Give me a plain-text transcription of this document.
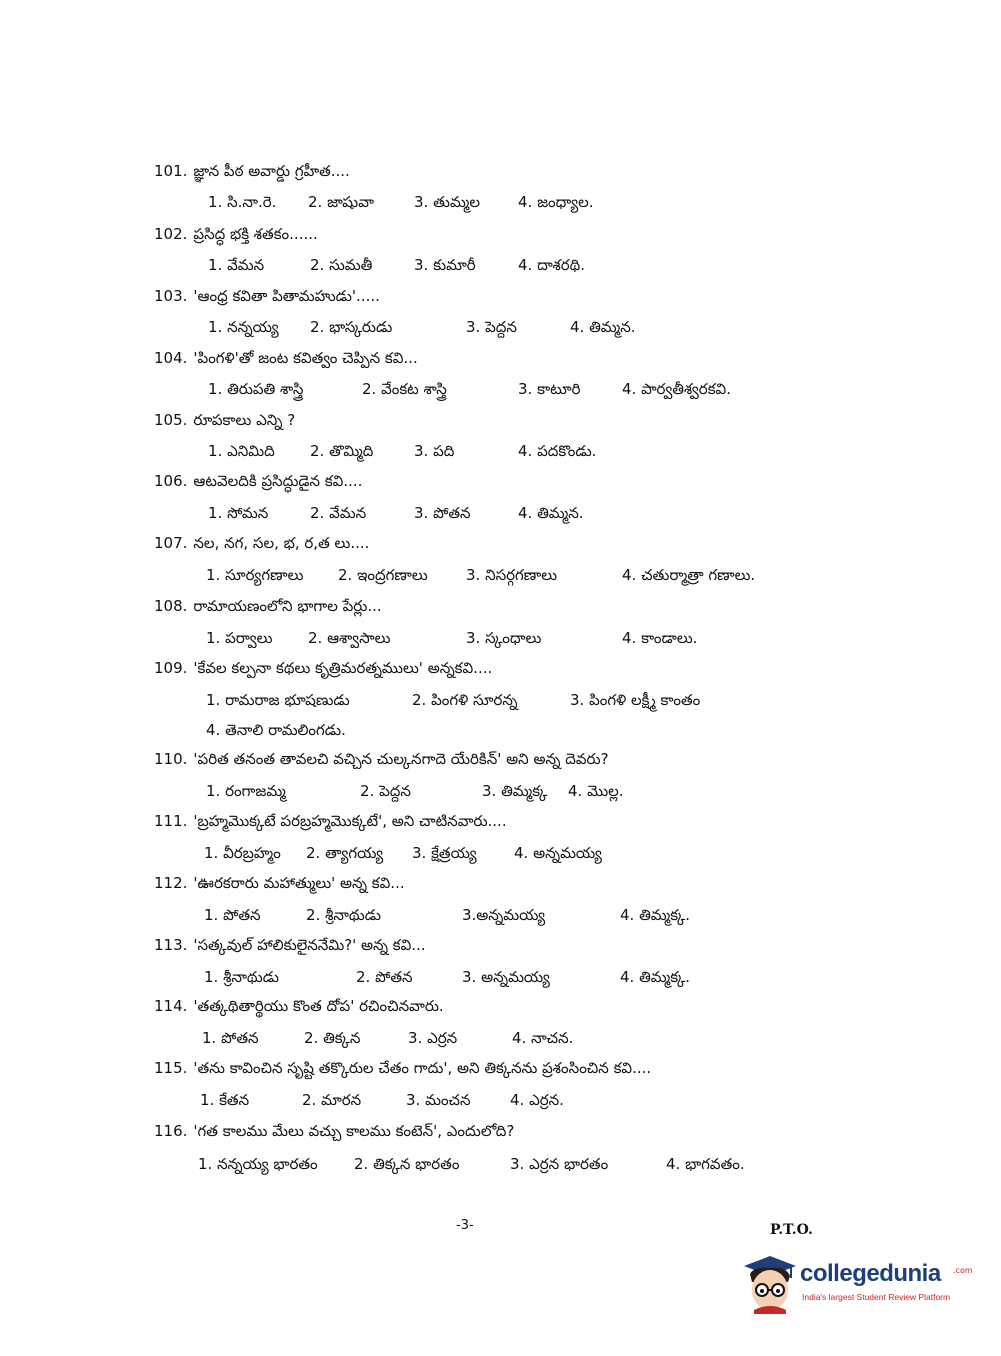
101. జ్ఞాన పీఠ అవార్డు గ్రహీత....
1. సి.నా.రె. 2. జాషువా	3. తుమ్మల	4. జంధ్యాల.
102. ప్రసిద్ధ భక్తి శతకం......
1. వేమన	2. సుమతీ	3. కుమారీ	4. దాశరథి.
103. 'ఆంధ్ర కవితా పితామహుడు'.....
1. నన్నయ్య 2. భాస్కరుడు	3. పెద్దన	4. తిమ్మన.
104. 'పింగళి'తో జంట కవిత్వం చెప్పిన కవి...
1. తిరుపతి శాస్త్రి	2. వేంకట శాస్త్రి	3. కాటూరి	4. పార్వతీశ్వరకవి.
105. రూపకాలు ఎన్ని ?
1. ఎనిమిది 2. తొమ్మిది	3. పది	4. పదకొండు.
106. ఆటవెలదికి ప్రసిద్ధుడైన కవి....
1. సోమన	2. వేమన	3. పోతన	4. తిమ్మన.
107. నల, నగ, సల, భ, ర,త లు....
1. సూర్యగణాలు 2. ఇంద్రగణాలు	3. నిసర్గగణాలు	4. చతుర్మాత్రా గణాలు.
108. రామాయణంలోని భాగాల పేర్లు...
1. పర్వాలు 2. ఆశ్వాసాలు	3. స్కంధాలు	4. కాండాలు.
109. 'కేవల కల్పనా కథలు కృత్రిమరత్నములు' అన్నకవి....
1. రామరాజ భూషణుడు	2. పింగళి సూరన్న	3. పింగళి లక్ష్మీ కాంతం
4. తెనాలి రామలింగడు.
110. 'పరిత తనంత తావలచి వచ్చిన చుల్కనగాదె యేరికిన్' అని అన్న దెవరు?
1. రంగాజమ్మ	2. పెద్దన	3. తిమ్మక్క 4. మొల్ల.
111. 'బ్రహ్మమొక్కటే పరబ్రహ్మమొక్కటే', అని చాటినవారు....
1. వీరబ్రహ్మం 2. త్యాగయ్య 3. క్షేత్రయ్య 4. అన్నమయ్య
112. 'ఊరకరారు మహాత్ములు' అన్న కవి...
1. పోతన	2. శ్రీనాథుడు	3.అన్నమయ్య	4. తిమ్మక్క.
113. 'సత్కవుల్ హాలికులైననేమి?' అన్న కవి...
1. శ్రీనాథుడు	2. పోతన	3. అన్నమయ్య	4. తిమ్మక్క.
114. 'తత్కథితార్థియు కొంత దోప' రచించినవారు.
1. పోతన	2. తిక్కన	3. ఎర్రన	4. నాచన.
115. 'తను కావించిన సృష్టి తక్కొరుల చేతం గాదు', అని తిక్కనను ప్రశంసించిన కవి....
1. కేతన	2. మారన	3. మంచన	4. ఎర్రన.
116. 'గత కాలము మేలు వచ్చు కాలము కంటెన్', ఎందులోది?
1. నన్నయ్య భారతం 2. తిక్కన భారతం	3. ఎర్రన భారతం	4. భాగవతం.
-3-	P.T.O.
collegedunia .com
India's largest Student Review Platform
